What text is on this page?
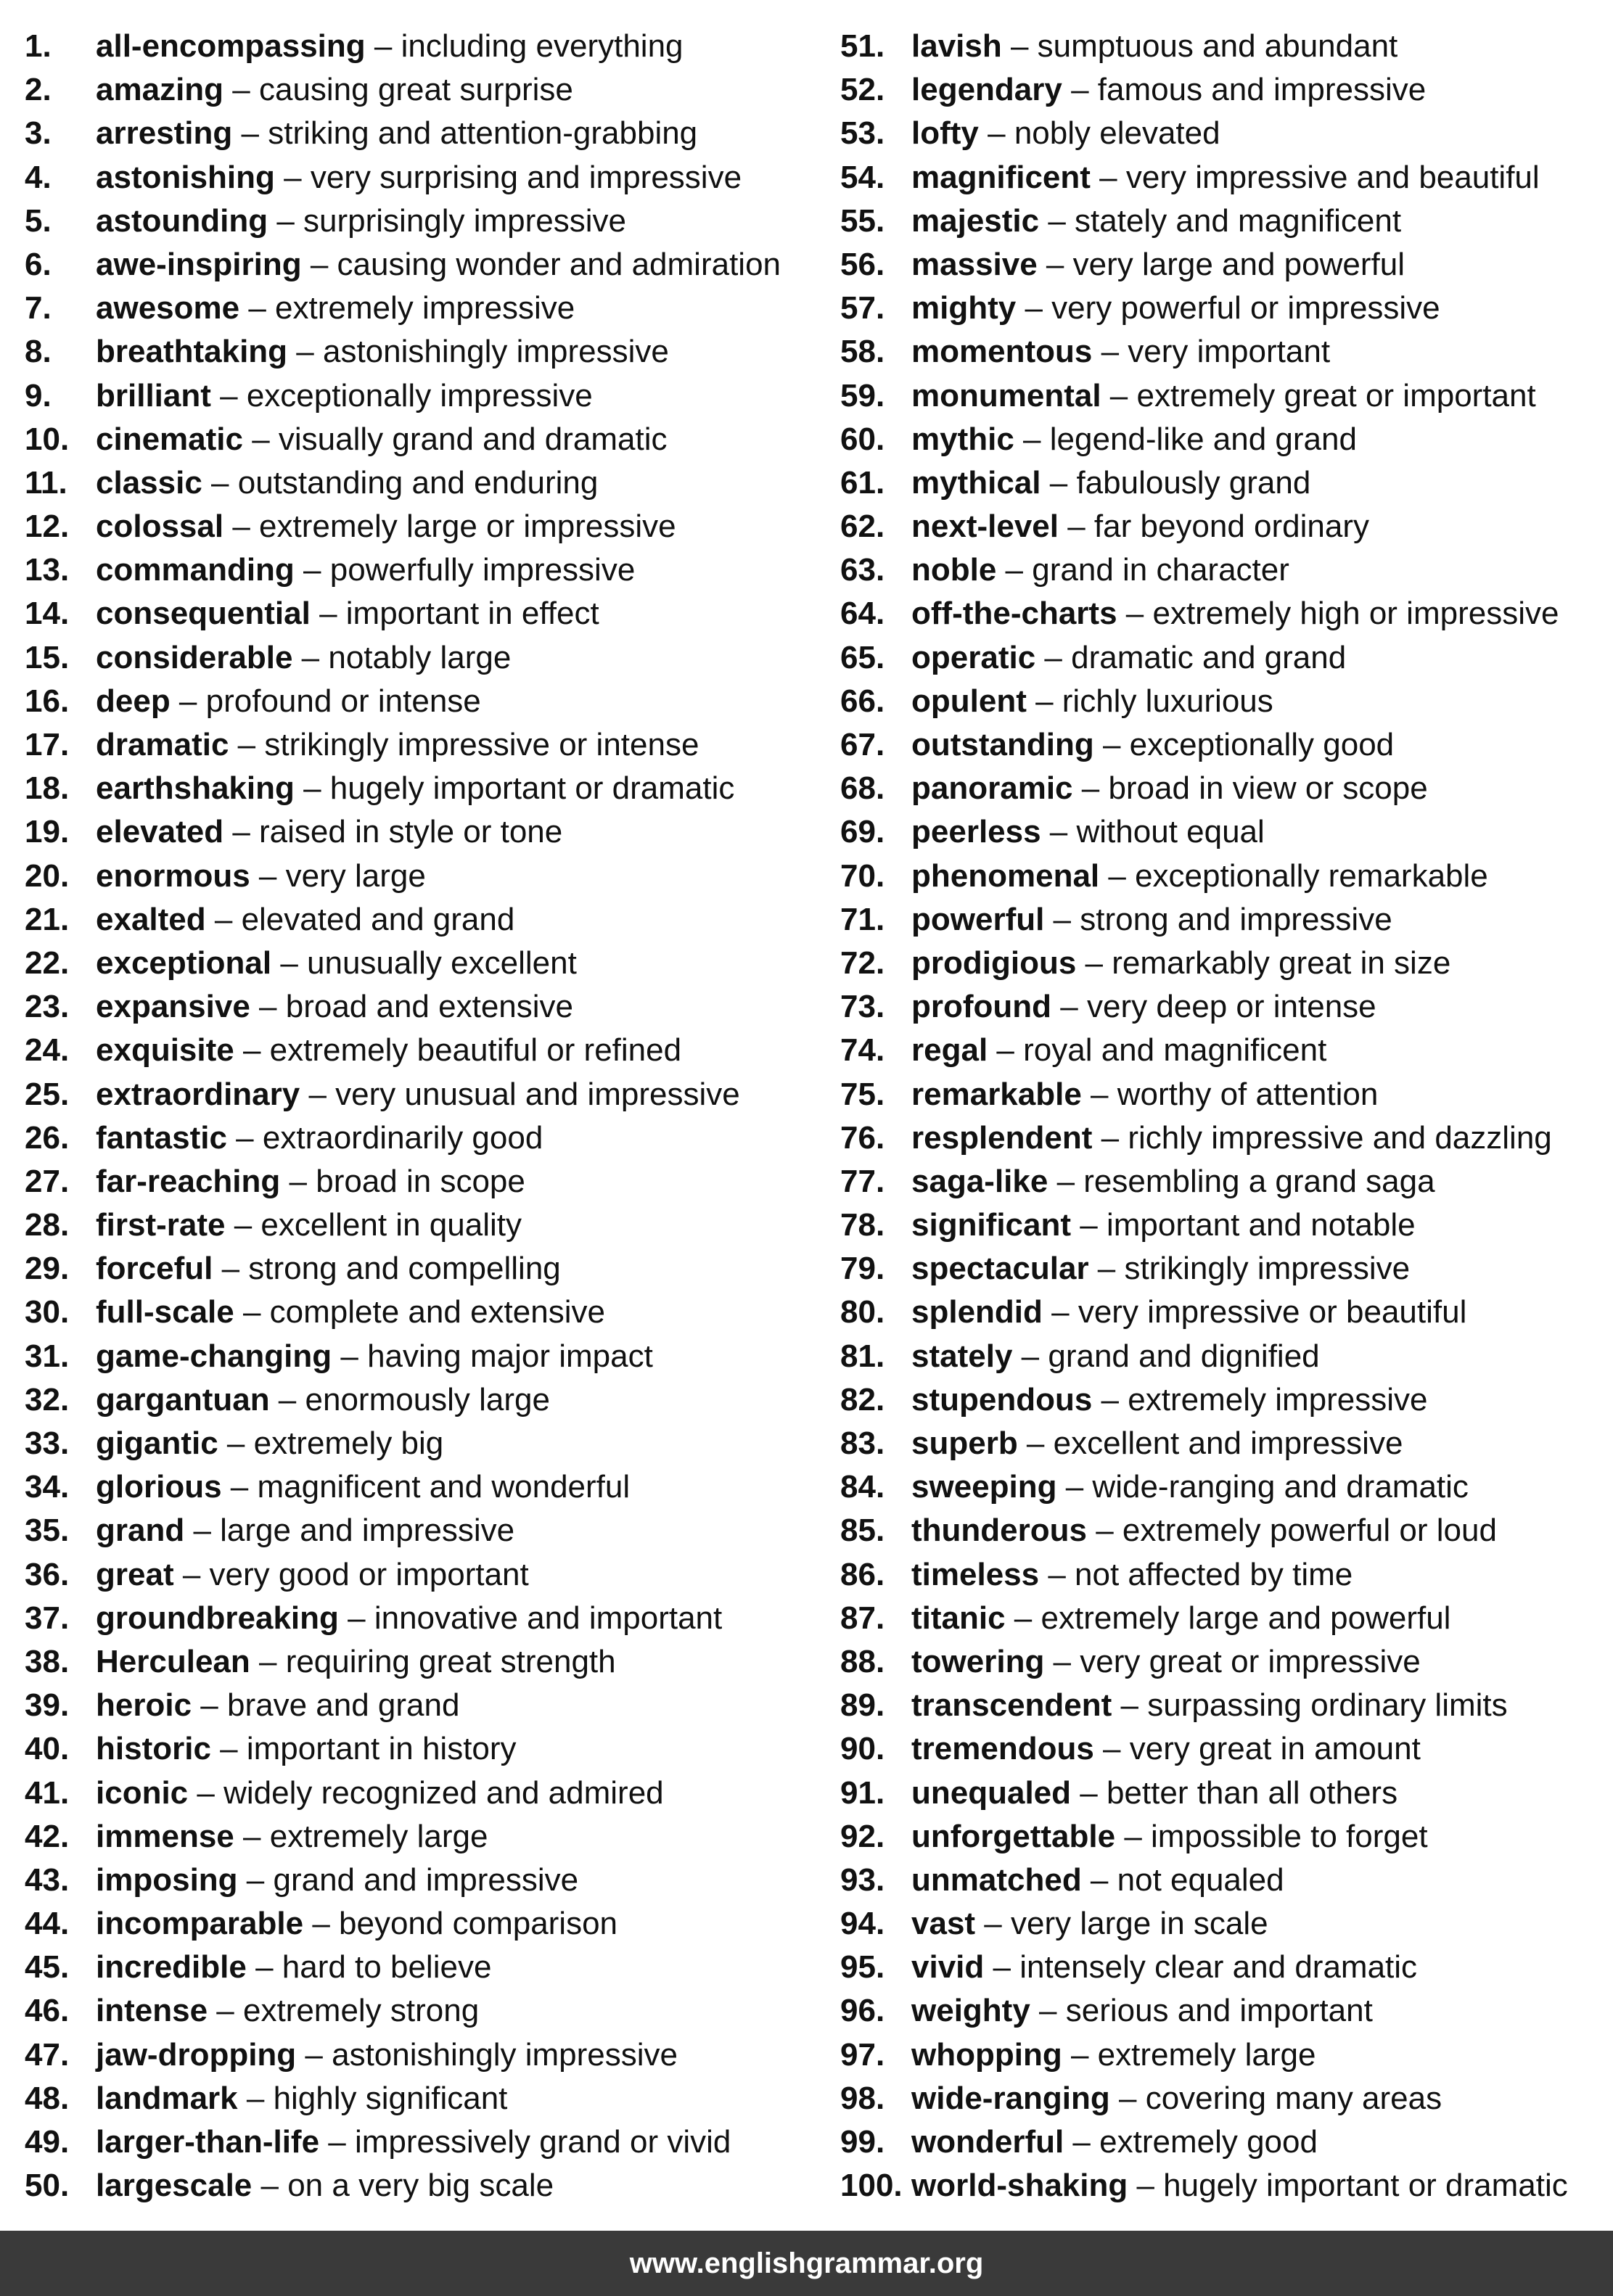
1.	all-encompassing – including everything
2.	amazing – causing great surprise
3.	arresting – striking and attention-grabbing
4.	astonishing – very surprising and impressive
5.	astounding – surprisingly impressive
6.	awe-inspiring – causing wonder and admiration
7.	awesome – extremely impressive
8.	breathtaking – astonishingly impressive
9.	brilliant – exceptionally impressive
10. cinematic – visually grand and dramatic
11. classic – outstanding and enduring
12. colossal – extremely large or impressive
13. commanding – powerfully impressive
14. consequential – important in effect
15. considerable – notably large
16. deep – profound or intense
17. dramatic – strikingly impressive or intense
18. earthshaking – hugely important or dramatic
19. elevated – raised in style or tone
20. enormous – very large
21. exalted – elevated and grand
22. exceptional – unusually excellent
23. expansive – broad and extensive
24. exquisite – extremely beautiful or refined
25. extraordinary – very unusual and impressive
26. fantastic – extraordinarily good
27. far-reaching – broad in scope
28. first-rate – excellent in quality
29. forceful – strong and compelling
30. full-scale – complete and extensive
31. game-changing – having major impact
32. gargantuan – enormously large
33. gigantic – extremely big
34. glorious – magnificent and wonderful
35. grand – large and impressive
36. great – very good or important
37. groundbreaking – innovative and important
38. Herculean – requiring great strength
39. heroic – brave and grand
40. historic – important in history
41. iconic – widely recognized and admired
42. immense – extremely large
43. imposing – grand and impressive
44. incomparable – beyond comparison
45. incredible – hard to believe
46. intense – extremely strong
47. jaw-dropping – astonishingly impressive
48. landmark – highly significant
49. larger-than-life – impressively grand or vivid
50. largescale – on a very big scale
51. lavish – sumptuous and abundant
52. legendary – famous and impressive
53. lofty – nobly elevated
54. magnificent – very impressive and beautiful
55. majestic – stately and magnificent
56. massive – very large and powerful
57. mighty – very powerful or impressive
58. momentous – very important
59. monumental – extremely great or important
60. mythic – legend-like and grand
61. mythical – fabulously grand
62. next-level – far beyond ordinary
63. noble – grand in character
64. off-the-charts – extremely high or impressive
65. operatic – dramatic and grand
66. opulent – richly luxurious
67. outstanding – exceptionally good
68. panoramic – broad in view or scope
69. peerless – without equal
70. phenomenal – exceptionally remarkable
71. powerful – strong and impressive
72. prodigious – remarkably great in size
73. profound – very deep or intense
74. regal – royal and magnificent
75. remarkable – worthy of attention
76. resplendent – richly impressive and dazzling
77. saga-like – resembling a grand saga
78. significant – important and notable
79. spectacular – strikingly impressive
80. splendid – very impressive or beautiful
81. stately – grand and dignified
82. stupendous – extremely impressive
83. superb – excellent and impressive
84. sweeping – wide-ranging and dramatic
85. thunderous – extremely powerful or loud
86. timeless – not affected by time
87. titanic – extremely large and powerful
88. towering – very great or impressive
89. transcendent – surpassing ordinary limits
90. tremendous – very great in amount
91. unequaled – better than all others
92. unforgettable – impossible to forget
93. unmatched – not equaled
94. vast – very large in scale
95. vivid – intensely clear and dramatic
96. weighty – serious and important
97. whopping – extremely large
98. wide-ranging – covering many areas
99. wonderful – extremely good
100. world-shaking – hugely important or dramatic
www.englishgrammar.org
